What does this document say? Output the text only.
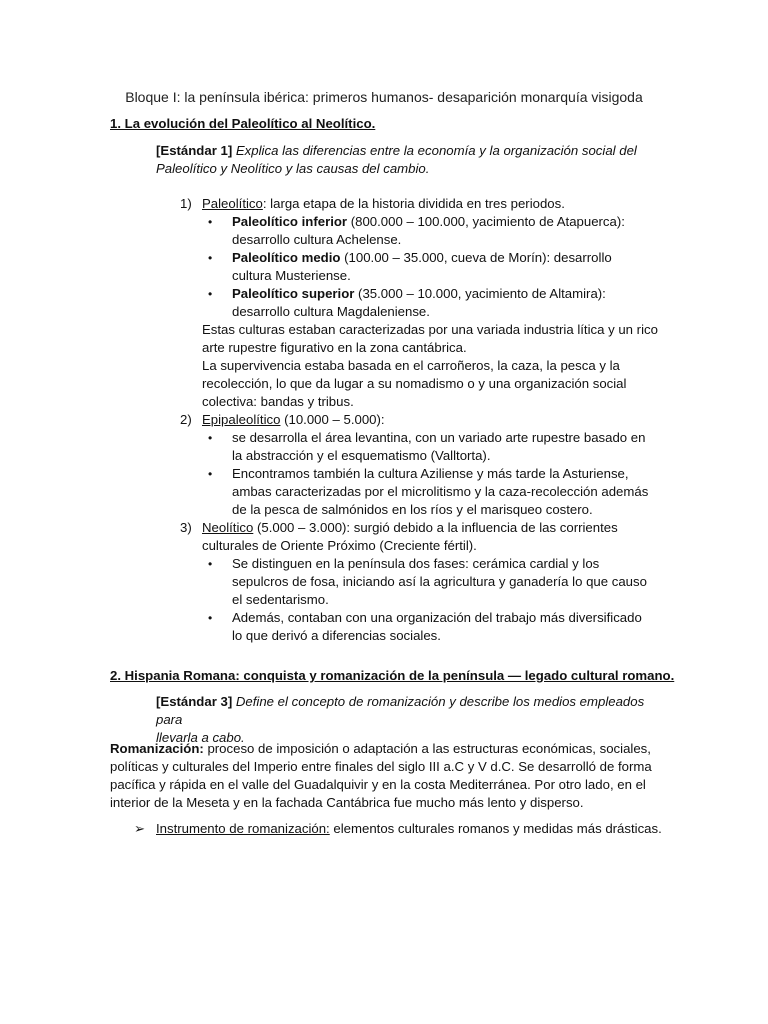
Bloque I: la península ibérica: primeros humanos- desaparición monarquía visigoda
1. La evolución del Paleolítico al Neolítico.
[Estándar 1] Explica las diferencias entre la economía y la organización social del
Paleolítico y Neolítico y las causas del cambio.
1) Paleolítico: larga etapa de la historia dividida en tres periodos.
• Paleolítico inferior (800.000 – 100.000, yacimiento de Atapuerca):
desarrollo cultura Achelense.
• Paleolítico medio (100.00 – 35.000, cueva de Morín): desarrollo
cultura Musteriense.
• Paleolítico superior (35.000 – 10.000, yacimiento de Altamira):
desarrollo cultura Magdaleniense.
Estas culturas estaban caracterizadas por una variada industria lítica y un rico
arte rupestre figurativo en la zona cantábrica.
La supervivencia estaba basada en el carroñeros, la caza, la pesca y la
recolección, lo que da lugar a su nomadismo o y una organización social
colectiva: bandas y tribus.
2) Epipaleolítico (10.000 – 5.000):
• se desarrolla el área levantina, con un variado arte rupestre basado en
la abstracción y el esquematismo (Valltorta).
• Encontramos también la cultura Aziliense y más tarde la Asturiense,
ambas caracterizadas por el microlitismo y la caza-recolección además
de la pesca de salmónidos en los ríos y el marisqueo costero.
3) Neolítico (5.000 – 3.000): surgió debido a la influencia de las corrientes
culturales de Oriente Próximo (Creciente fértil).
• Se distinguen en la península dos fases: cerámica cardial y los
sepulcros de fosa, iniciando así la agricultura y ganadería lo que causo
el sedentarismo.
• Además, contaban con una organización del trabajo más diversificado
lo que derivó a diferencias sociales.
2. Hispania Romana: conquista y romanización de la península — legado cultural romano.
[Estándar 3] Define el concepto de romanización y describe los medios empleados para
llevarla a cabo.
Romanización: proceso de imposición o adaptación a las estructuras económicas, sociales,
políticas y culturales del Imperio entre finales del siglo III a.C y V d.C. Se desarrolló de forma
pacífica y rápida en el valle del Guadalquivir y en la costa Mediterránea. Por otro lado, en el
interior de la Meseta y en la fachada Cantábrica fue mucho más lento y disperso.
➢ Instrumento de romanización: elementos culturales romanos y medidas más drásticas.
